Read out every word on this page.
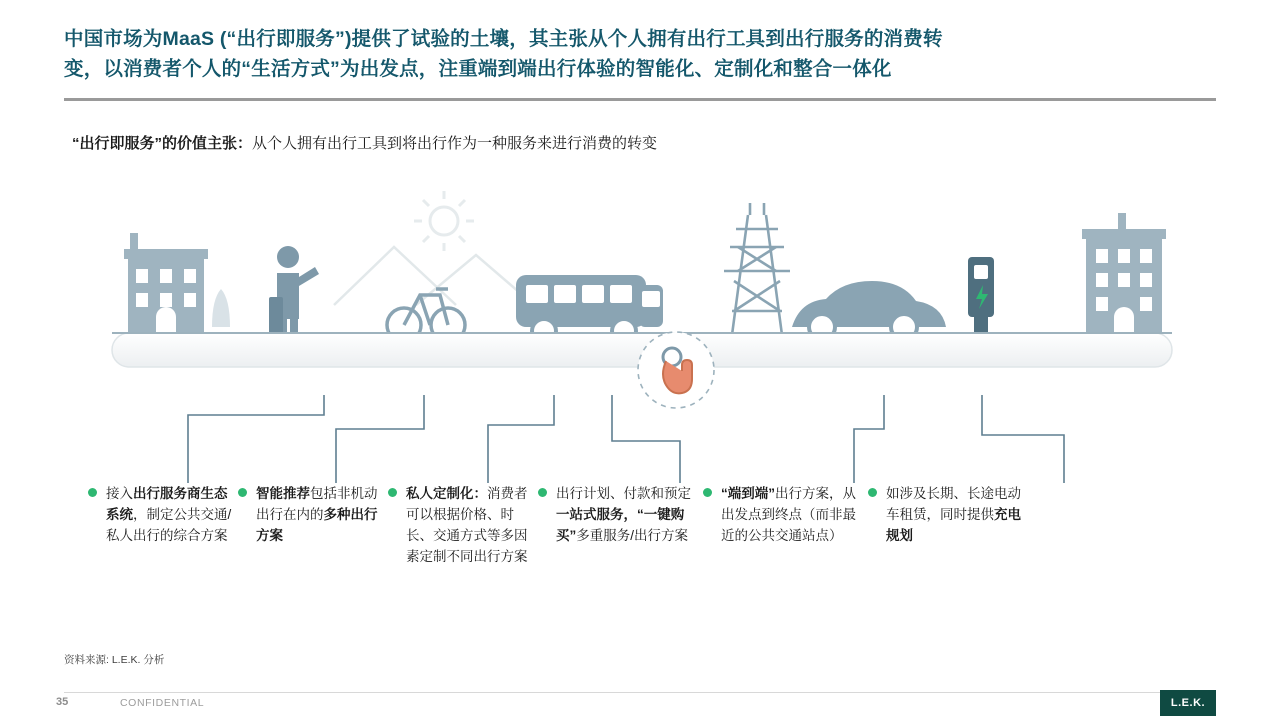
中国市场为MaaS (“出行即服务”)提供了试验的土壤，其主张从个人拥有出行工具到出行服务的消费转
变，以消费者个人的“生活方式”为出发点，注重端到端出行体验的智能化、定制化和整合一体化
“出行即服务”的价值主张：从个人拥有出行工具到将出行作为一种服务来进行消费的转变
接入出行服务商生态系统，制定公共交通/私人出行的综合方案
智能推荐包括非机动出行在内的多种出行方案
私人定制化：消费者可以根据价格、时长、交通方式等多因素定制不同出行方案
出行计划、付款和预定一站式服务，“一键购买”多重服务/出行方案
“端到端”出行方案，从出发点到终点（而非最近的公共交通站点）
如涉及长期、长途电动车租赁，同时提供充电规划
资料来源: L.E.K. 分析
35	CONFIDENTIAL	L.E.K.
